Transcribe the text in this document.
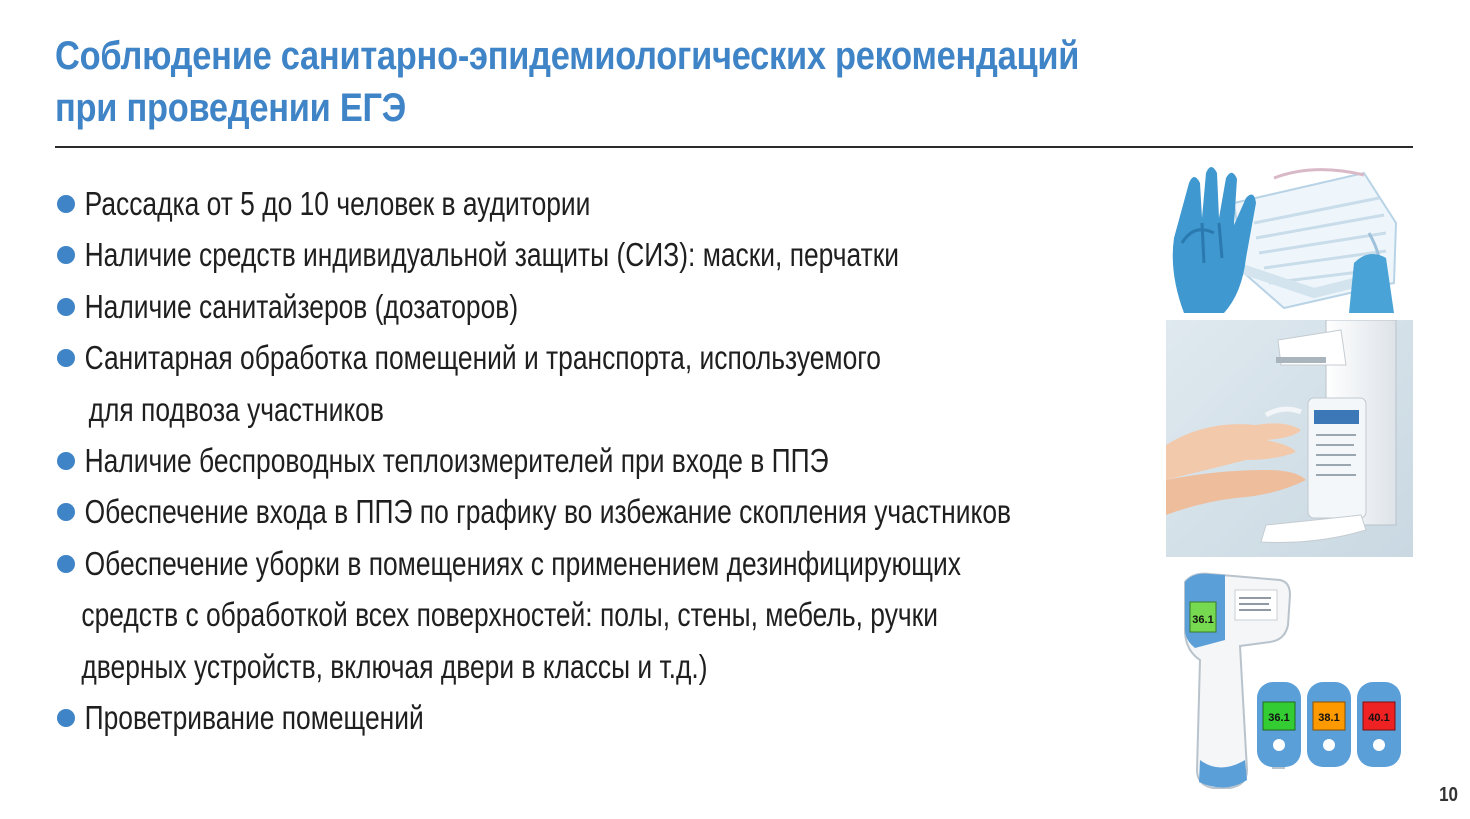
Соблюдение санитарно-эпидемиологических рекомендаций
при проведении ЕГЭ
Рассадка от 5 до 10 человек в аудитории
Наличие средств индивидуальной защиты (СИЗ): маски, перчатки
Наличие санитайзеров (дозаторов)
Санитарная обработка помещений и транспорта, используемого
для подвоза участников
Наличие беспроводных теплоизмерителей при входе в ППЭ
Обеспечение входа в ППЭ по графику во избежание скопления участников
Обеспечение уборки в помещениях с применением дезинфицирующих
средств с обработкой всех поверхностей: полы, стены, мебель, ручки
дверных устройств, включая двери в классы и т.д.)
Проветривание помещений
36.1
36.1	38.1	40.1
10
